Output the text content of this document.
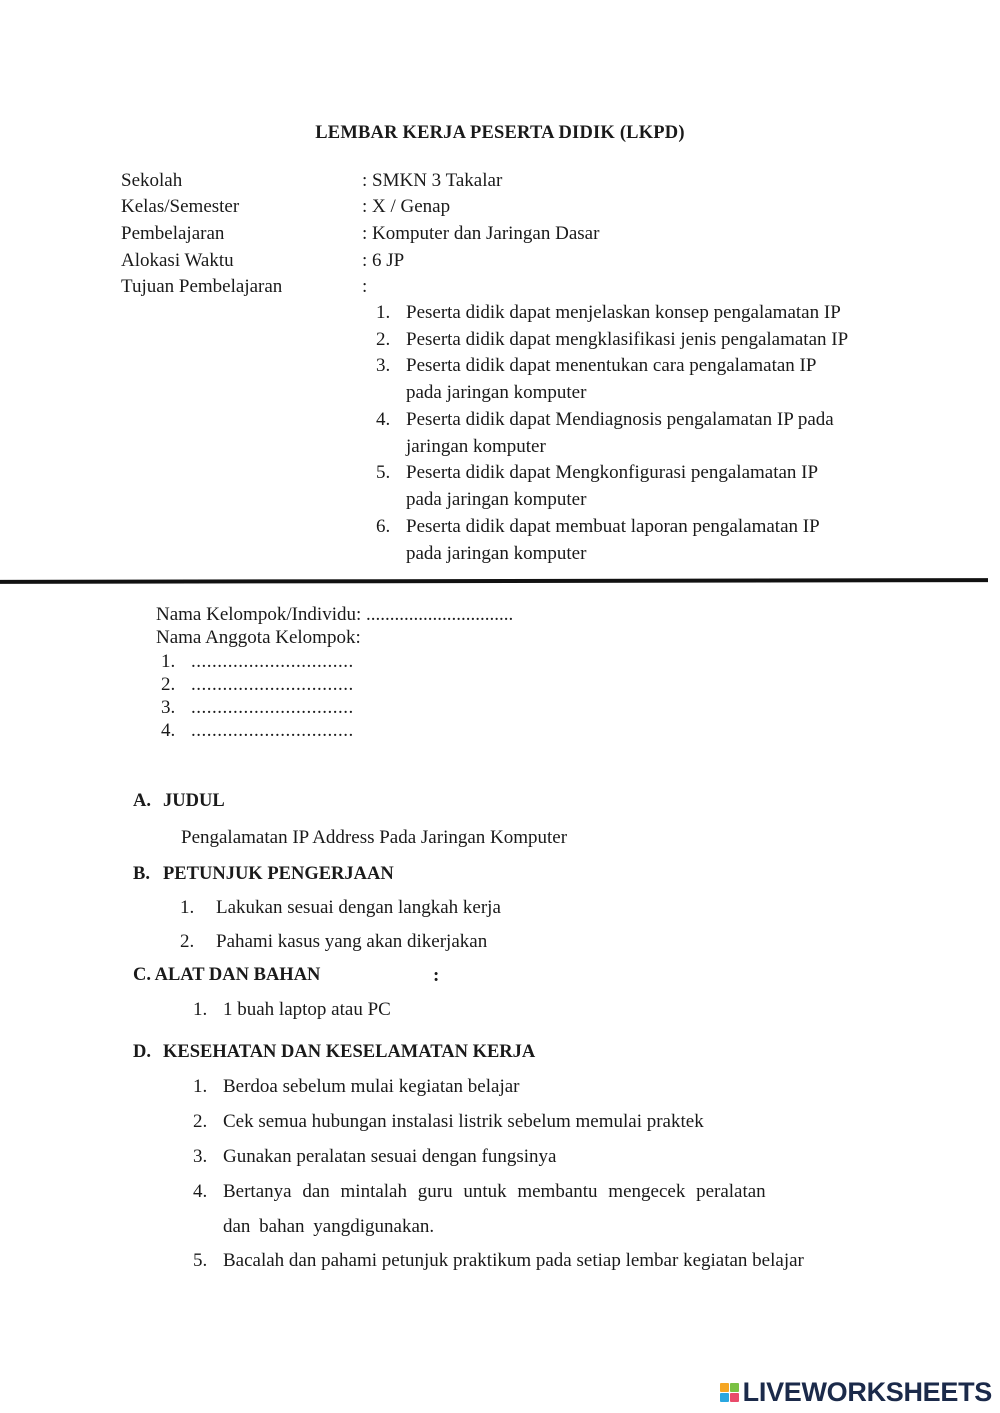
LEMBAR KERJA PESERTA DIDIK (LKPD)
Sekolah	: SMKN 3 Takalar
Kelas/Semester	: X / Genap
Pembelajaran	: Komputer dan Jaringan Dasar
Alokasi Waktu	: 6 JP
Tujuan Pembelajaran	:
1. Peserta didik dapat menjelaskan konsep pengalamatan IP
2. Peserta didik dapat mengklasifikasi jenis pengalamatan IP
3. Peserta didik dapat menentukan cara pengalamatan IP
pada jaringan komputer
4. Peserta didik dapat Mendiagnosis pengalamatan IP pada
jaringan komputer
5. Peserta didik dapat Mengkonfigurasi pengalamatan IP
pada jaringan komputer
6. Peserta didik dapat membuat laporan pengalamatan IP
pada jaringan komputer
Nama Kelompok/Individu: ...............................
Nama Anggota Kelompok:
1. ...............................
2. ...............................
3. ...............................
4. ...............................
A. JUDUL
Pengalamatan IP Address Pada Jaringan Komputer
B. PETUNJUK PENGERJAAN
1. Lakukan sesuai dengan langkah kerja
2. Pahami kasus yang akan dikerjakan
C. ALAT DAN BAHAN	:
1. 1 buah laptop atau PC
D. KESEHATAN DAN KESELAMATAN KERJA
1. Berdoa sebelum mulai kegiatan belajar
2. Cek semua hubungan instalasi listrik sebelum memulai praktek
3. Gunakan peralatan sesuai dengan fungsinya
4. Bertanya dan mintalah guru untuk membantu mengecek peralatan
dan bahan yangdigunakan.
5. Bacalah dan pahami petunjuk praktikum pada setiap lembar kegiatan belajar
LIVEWORKSHEETS
